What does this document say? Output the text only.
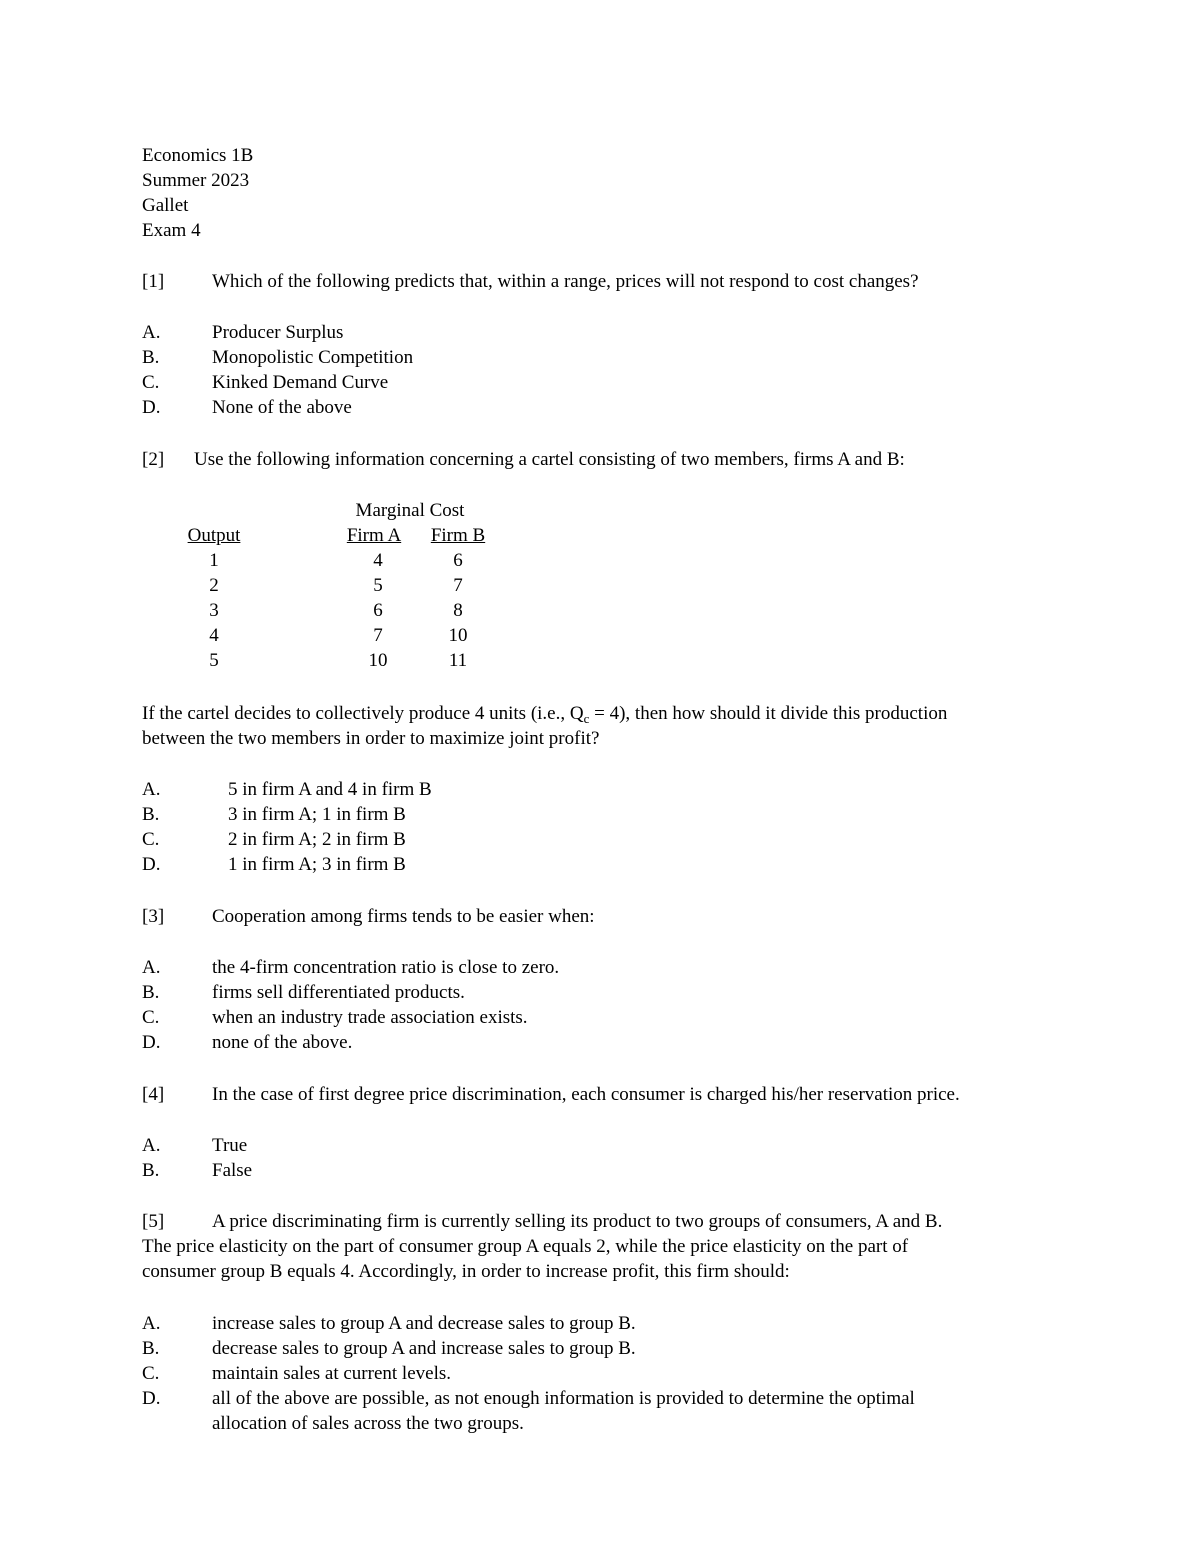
Economics 1B
Summer 2023
Gallet
Exam 4
[1]	Which of the following predicts that, within a range, prices will not respond to cost changes?
A.	Producer Surplus
B.	Monopolistic Competition
C.	Kinked Demand Curve
D.	None of the above
[2] Use the following information concerning a cartel consisting of two members, firms A and B:
Marginal Cost
Output	Firm A	Firm B
1	4	6
2	5	7
3	6	8
4	7	10
5	10	11
If the cartel decides to collectively produce 4 units (i.e., $Q_c = 4$), then how should it divide this production
between the two members in order to maximize joint profit?
A.	5 in firm A and 4 in firm B
B.	3 in firm A; 1 in firm B
C.	2 in firm A; 2 in firm B
D.	1 in firm A; 3 in firm B
[3]	Cooperation among firms tends to be easier when:
A.	the 4-firm concentration ratio is close to zero.
B.	firms sell differentiated products.
C.	when an industry trade association exists.
D.	none of the above.
[4]	In the case of first degree price discrimination, each consumer is charged his/her reservation price.
A.	True
B.	False
[5]	A price discriminating firm is currently selling its product to two groups of consumers, A and B.
The price elasticity on the part of consumer group A equals 2, while the price elasticity on the part of
consumer group B equals 4. Accordingly, in order to increase profit, this firm should:
A.	increase sales to group A and decrease sales to group B.
B.	decrease sales to group A and increase sales to group B.
C.	maintain sales at current levels.
D.	all of the above are possible, as not enough information is provided to determine the optimal
allocation of sales across the two groups.
